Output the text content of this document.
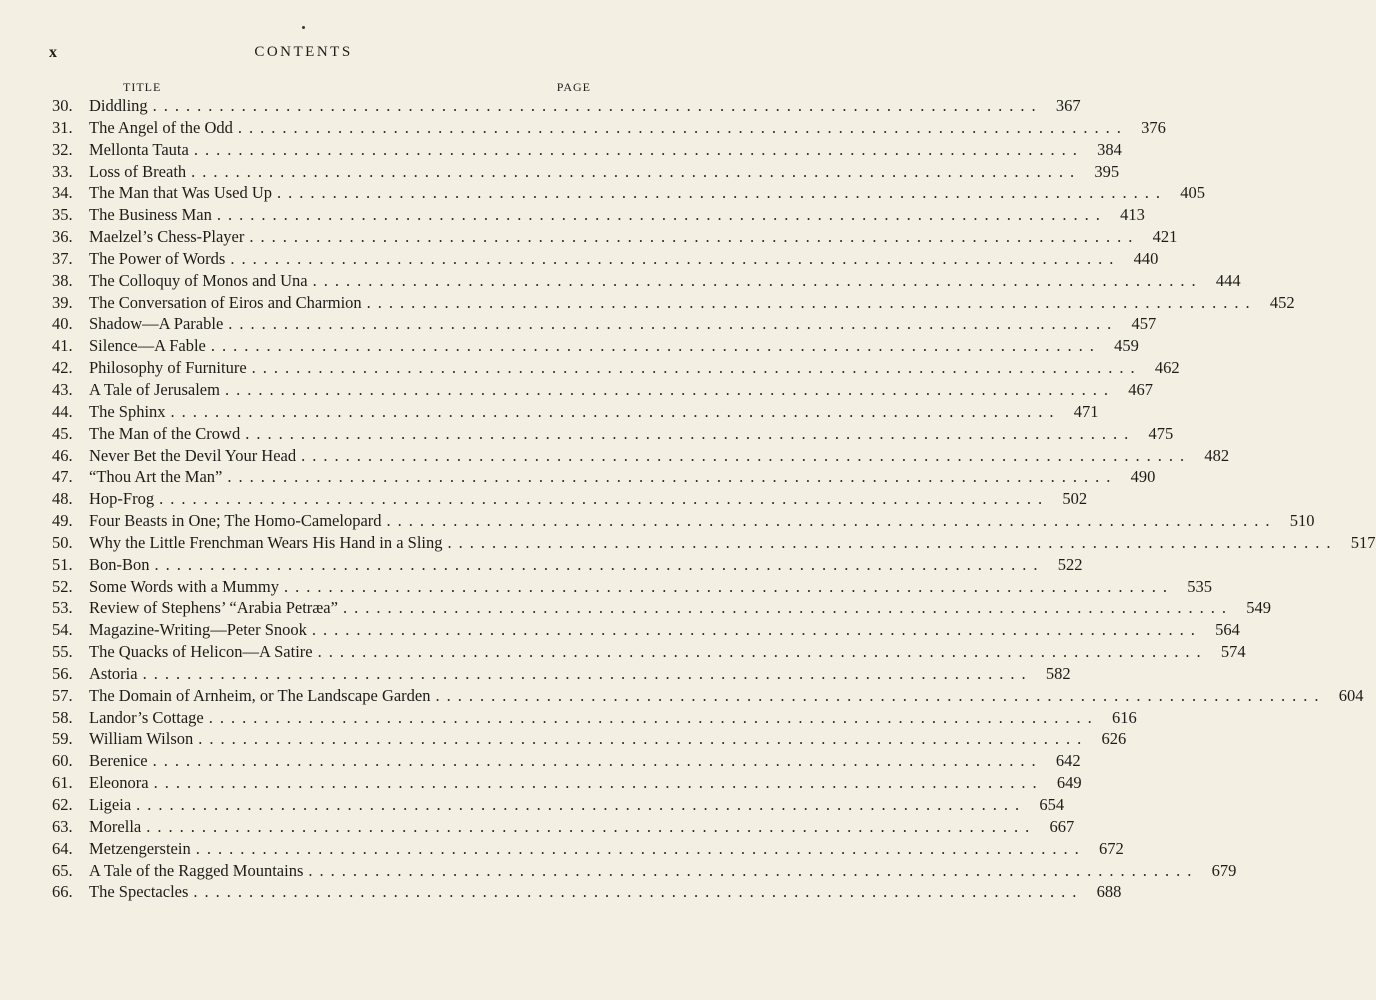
x	CONTENTS
TITLE	PAGE
30. Diddling ................................................................................ 367
31. The Angel of the Odd ................................................................................ 376
32. Mellonta Tauta ................................................................................ 384
33. Loss of Breath ................................................................................ 395
34. The Man that Was Used Up ................................................................................ 405
35. The Business Man ................................................................................ 413
36. Maelzel’s Chess-Player ................................................................................ 421
37. The Power of Words ................................................................................ 440
38. The Colloquy of Monos and Una ................................................................................ 444
39. The Conversation of Eiros and Charmion ................................................................................ 452
40. Shadow—A Parable ................................................................................ 457
41. Silence—A Fable ................................................................................ 459
42. Philosophy of Furniture ................................................................................ 462
43. A Tale of Jerusalem ................................................................................ 467
44. The Sphinx ................................................................................ 471
45. The Man of the Crowd ................................................................................ 475
46. Never Bet the Devil Your Head ................................................................................ 482
47. “Thou Art the Man” ................................................................................ 490
48. Hop-Frog ................................................................................ 502
49. Four Beasts in One; The Homo-Camelopard ................................................................................ 510
50. Why the Little Frenchman Wears His Hand in a Sling ................................................................................ 517
51. Bon-Bon ................................................................................ 522
52. Some Words with a Mummy ................................................................................ 535
53. Review of Stephens’ “Arabia Petræa” ................................................................................ 549
54. Magazine-Writing—Peter Snook ................................................................................ 564
55. The Quacks of Helicon—A Satire ................................................................................ 574
56. Astoria ................................................................................ 582
57. The Domain of Arnheim, or The Landscape Garden ................................................................................ 604
58. Landor’s Cottage ................................................................................ 616
59. William Wilson ................................................................................ 626
60. Berenice ................................................................................ 642
61. Eleonora ................................................................................ 649
62. Ligeia ................................................................................ 654
63. Morella ................................................................................ 667
64. Metzengerstein ................................................................................ 672
65. A Tale of the Ragged Mountains ................................................................................ 679
66. The Spectacles ................................................................................ 688
